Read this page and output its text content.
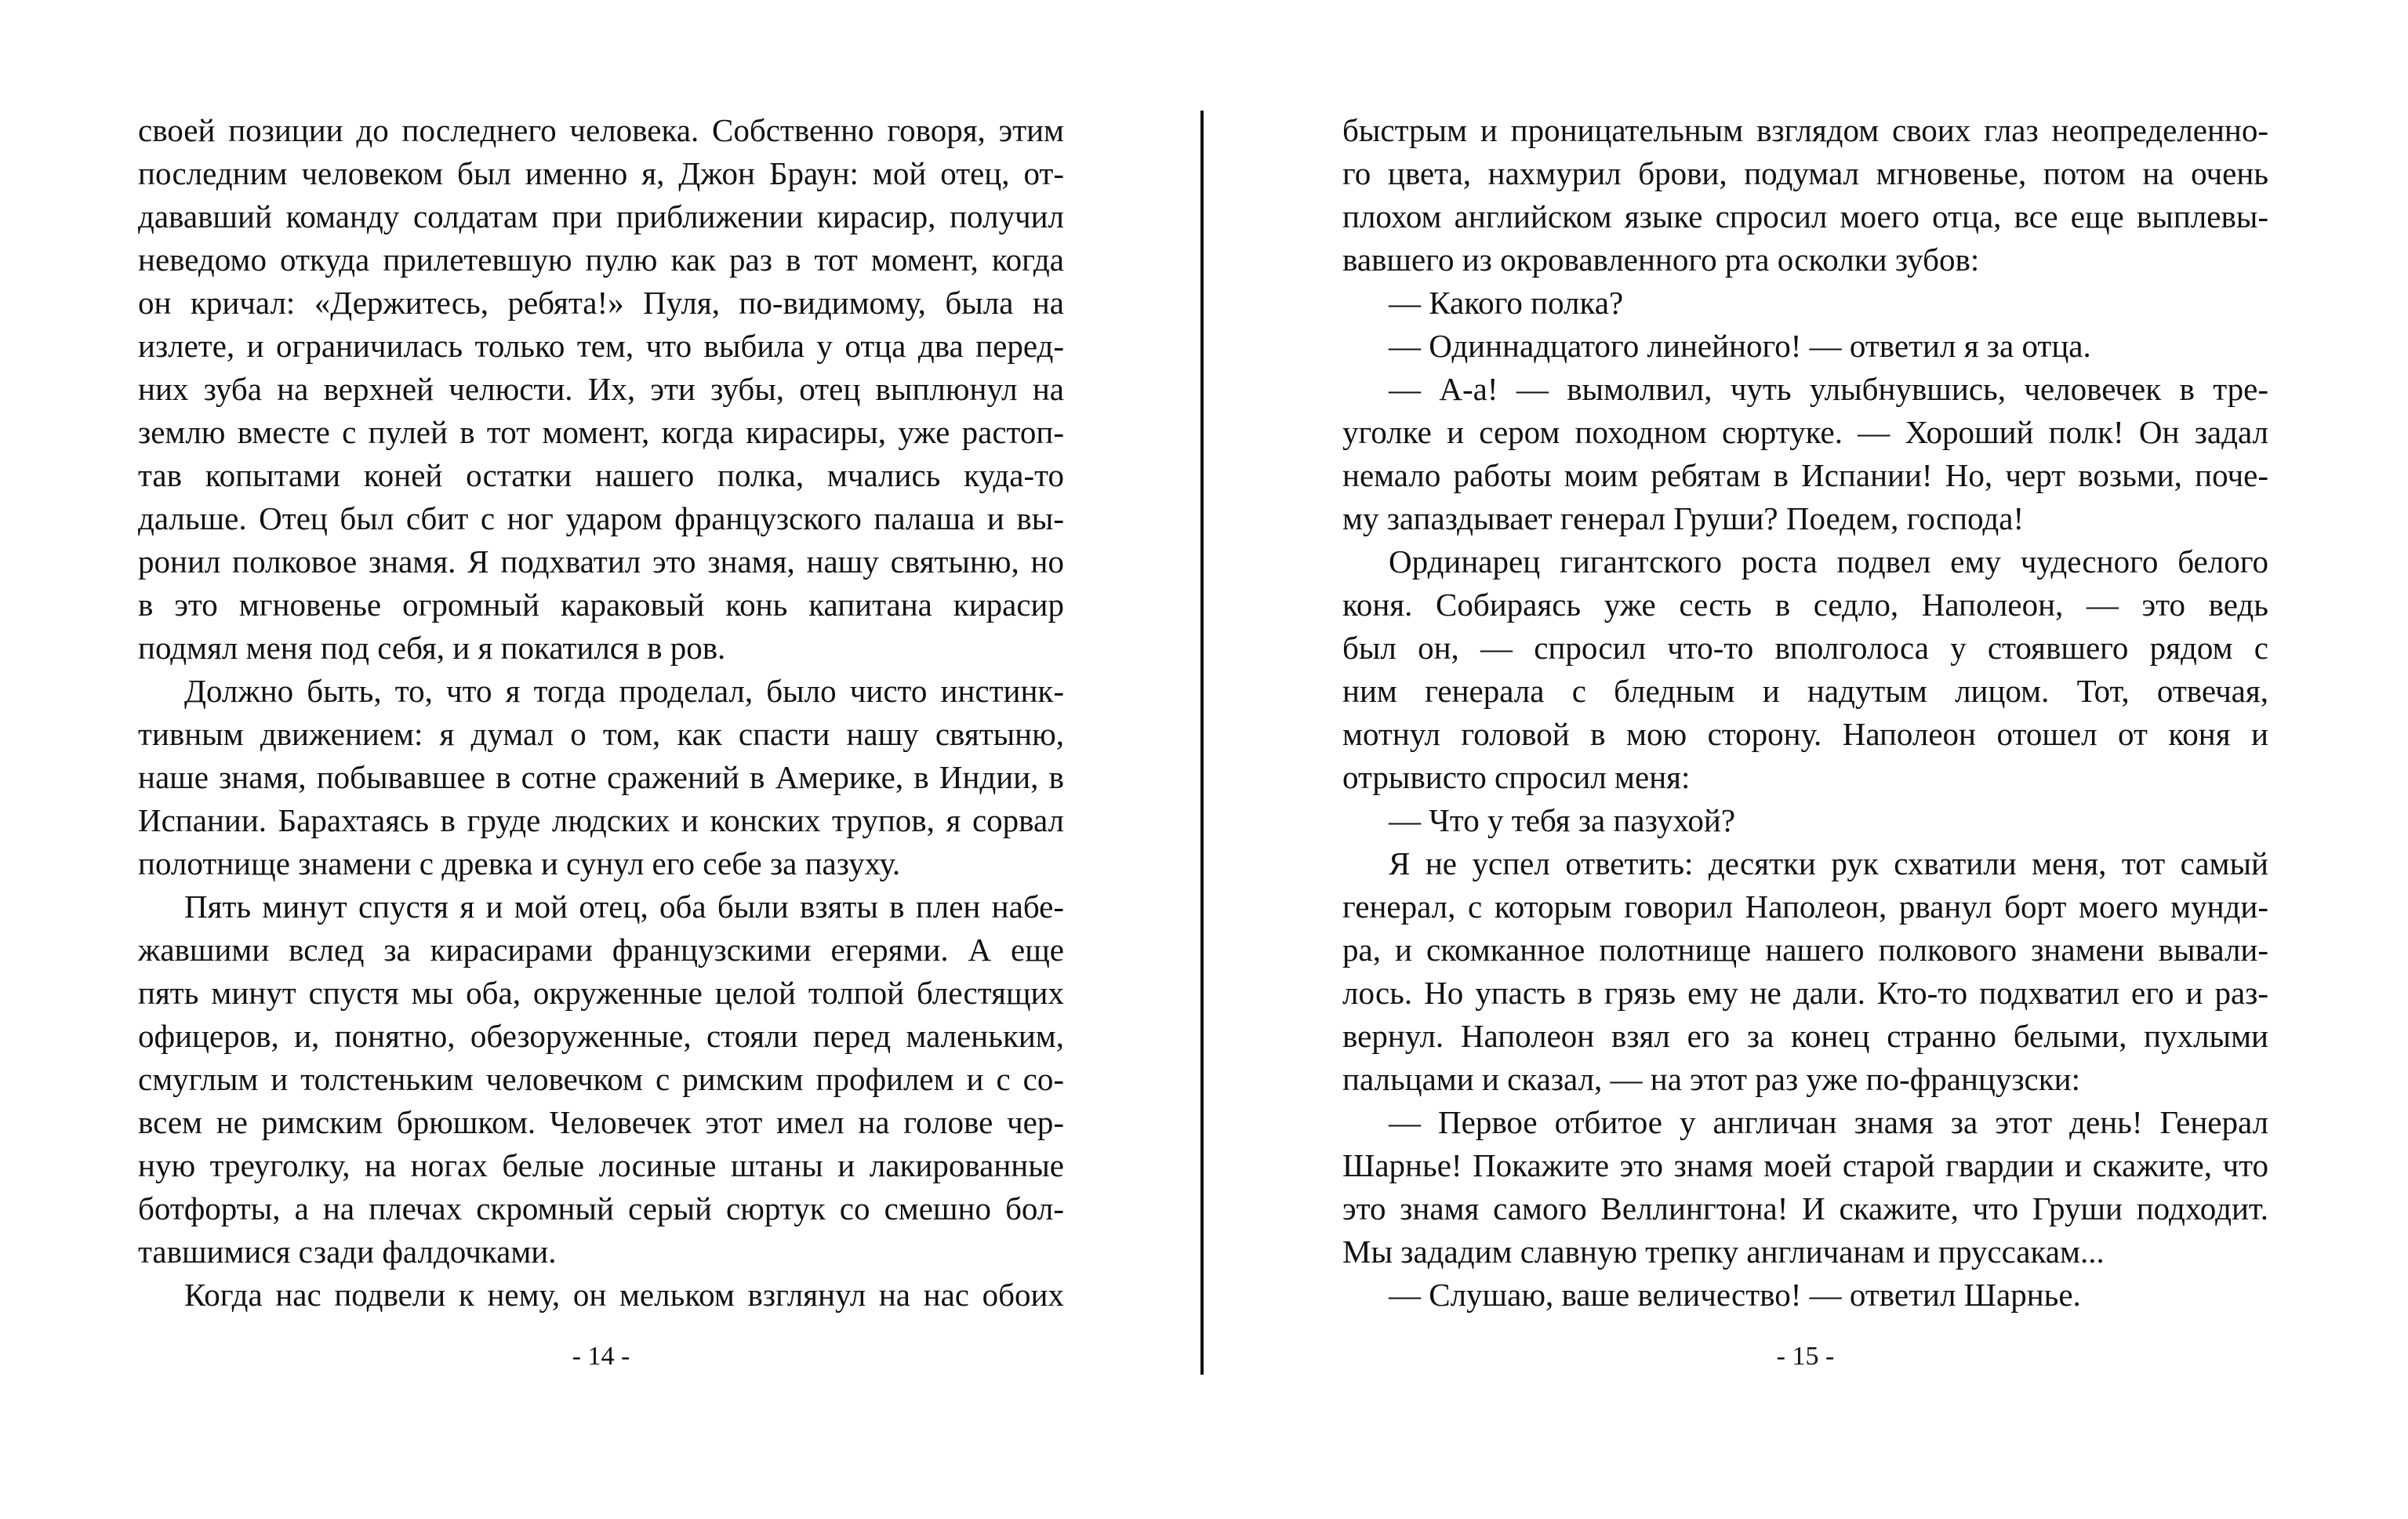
своей позиции до последнего человека. Собственно говоря, этим
последним человеком был именно я, Джон Браун: мой отец, от-
дававший команду солдатам при приближении кирасир, получил
неведомо откуда прилетевшую пулю как раз в тот момент, когда
он кричал: «Держитесь, ребята!» Пуля, по-видимому, была на
излете, и ограничилась только тем, что выбила у отца два перед-
них зуба на верхней челюсти. Их, эти зубы, отец выплюнул на
землю вместе с пулей в тот момент, когда кирасиры, уже растоп-
тав копытами коней остатки нашего полка, мчались куда-то
дальше. Отец был сбит с ног ударом французского палаша и вы-
ронил полковое знамя. Я подхватил это знамя, нашу святыню, но
в это мгновенье огромный караковый конь капитана кирасир
подмял меня под себя, и я покатился в ров.
Должно быть, то, что я тогда проделал, было чисто инстинк-
тивным движением: я думал о том, как спасти нашу святыню,
наше знамя, побывавшее в сотне сражений в Америке, в Индии, в
Испании. Барахтаясь в груде людских и конских трупов, я сорвал
полотнище знамени с древка и сунул его себе за пазуху.
Пять минут спустя я и мой отец, оба были взяты в плен набе-
жавшими вслед за кирасирами французскими егерями. А еще
пять минут спустя мы оба, окруженные целой толпой блестящих
офицеров, и, понятно, обезоруженные, стояли перед маленьким,
смуглым и толстеньким человечком с римским профилем и с со-
всем не римским брюшком. Человечек этот имел на голове чер-
ную треуголку, на ногах белые лосиные штаны и лакированные
ботфорты, а на плечах скромный серый сюртук со смешно бол-
тавшимися сзади фалдочками.
Когда нас подвели к нему, он мельком взглянул на нас обоих
быстрым и проницательным взглядом своих глаз неопределенно-
го цвета, нахмурил брови, подумал мгновенье, потом на очень
плохом английском языке спросил моего отца, все еще выплевы-
вавшего из окровавленного рта осколки зубов:
— Какого полка?
— Одиннадцатого линейного! — ответил я за отца.
— А-а! — вымолвил, чуть улыбнувшись, человечек в тре-
уголке и сером походном сюртуке. — Хороший полк! Он задал
немало работы моим ребятам в Испании! Но, черт возьми, поче-
му запаздывает генерал Груши? Поедем, господа!
Ординарец гигантского роста подвел ему чудесного белого
коня. Собираясь уже сесть в седло, Наполеон, — это ведь
был он, — спросил что-то вполголоса у стоявшего рядом с
ним генерала с бледным и надутым лицом. Тот, отвечая,
мотнул головой в мою сторону. Наполеон отошел от коня и
отрывисто спросил меня:
— Что у тебя за пазухой?
Я не успел ответить: десятки рук схватили меня, тот самый
генерал, с которым говорил Наполеон, рванул борт моего мунди-
ра, и скомканное полотнище нашего полкового знамени вывали-
лось. Но упасть в грязь ему не дали. Кто-то подхватил его и раз-
вернул. Наполеон взял его за конец странно белыми, пухлыми
пальцами и сказал, — на этот раз уже по-французски:
— Первое отбитое у англичан знамя за этот день! Генерал
Шарнье! Покажите это знамя моей старой гвардии и скажите, что
это знамя самого Веллингтона! И скажите, что Груши подходит.
Мы зададим славную трепку англичанам и пруссакам...
— Слушаю, ваше величество! — ответил Шарнье.
- 14 -	- 15 -
